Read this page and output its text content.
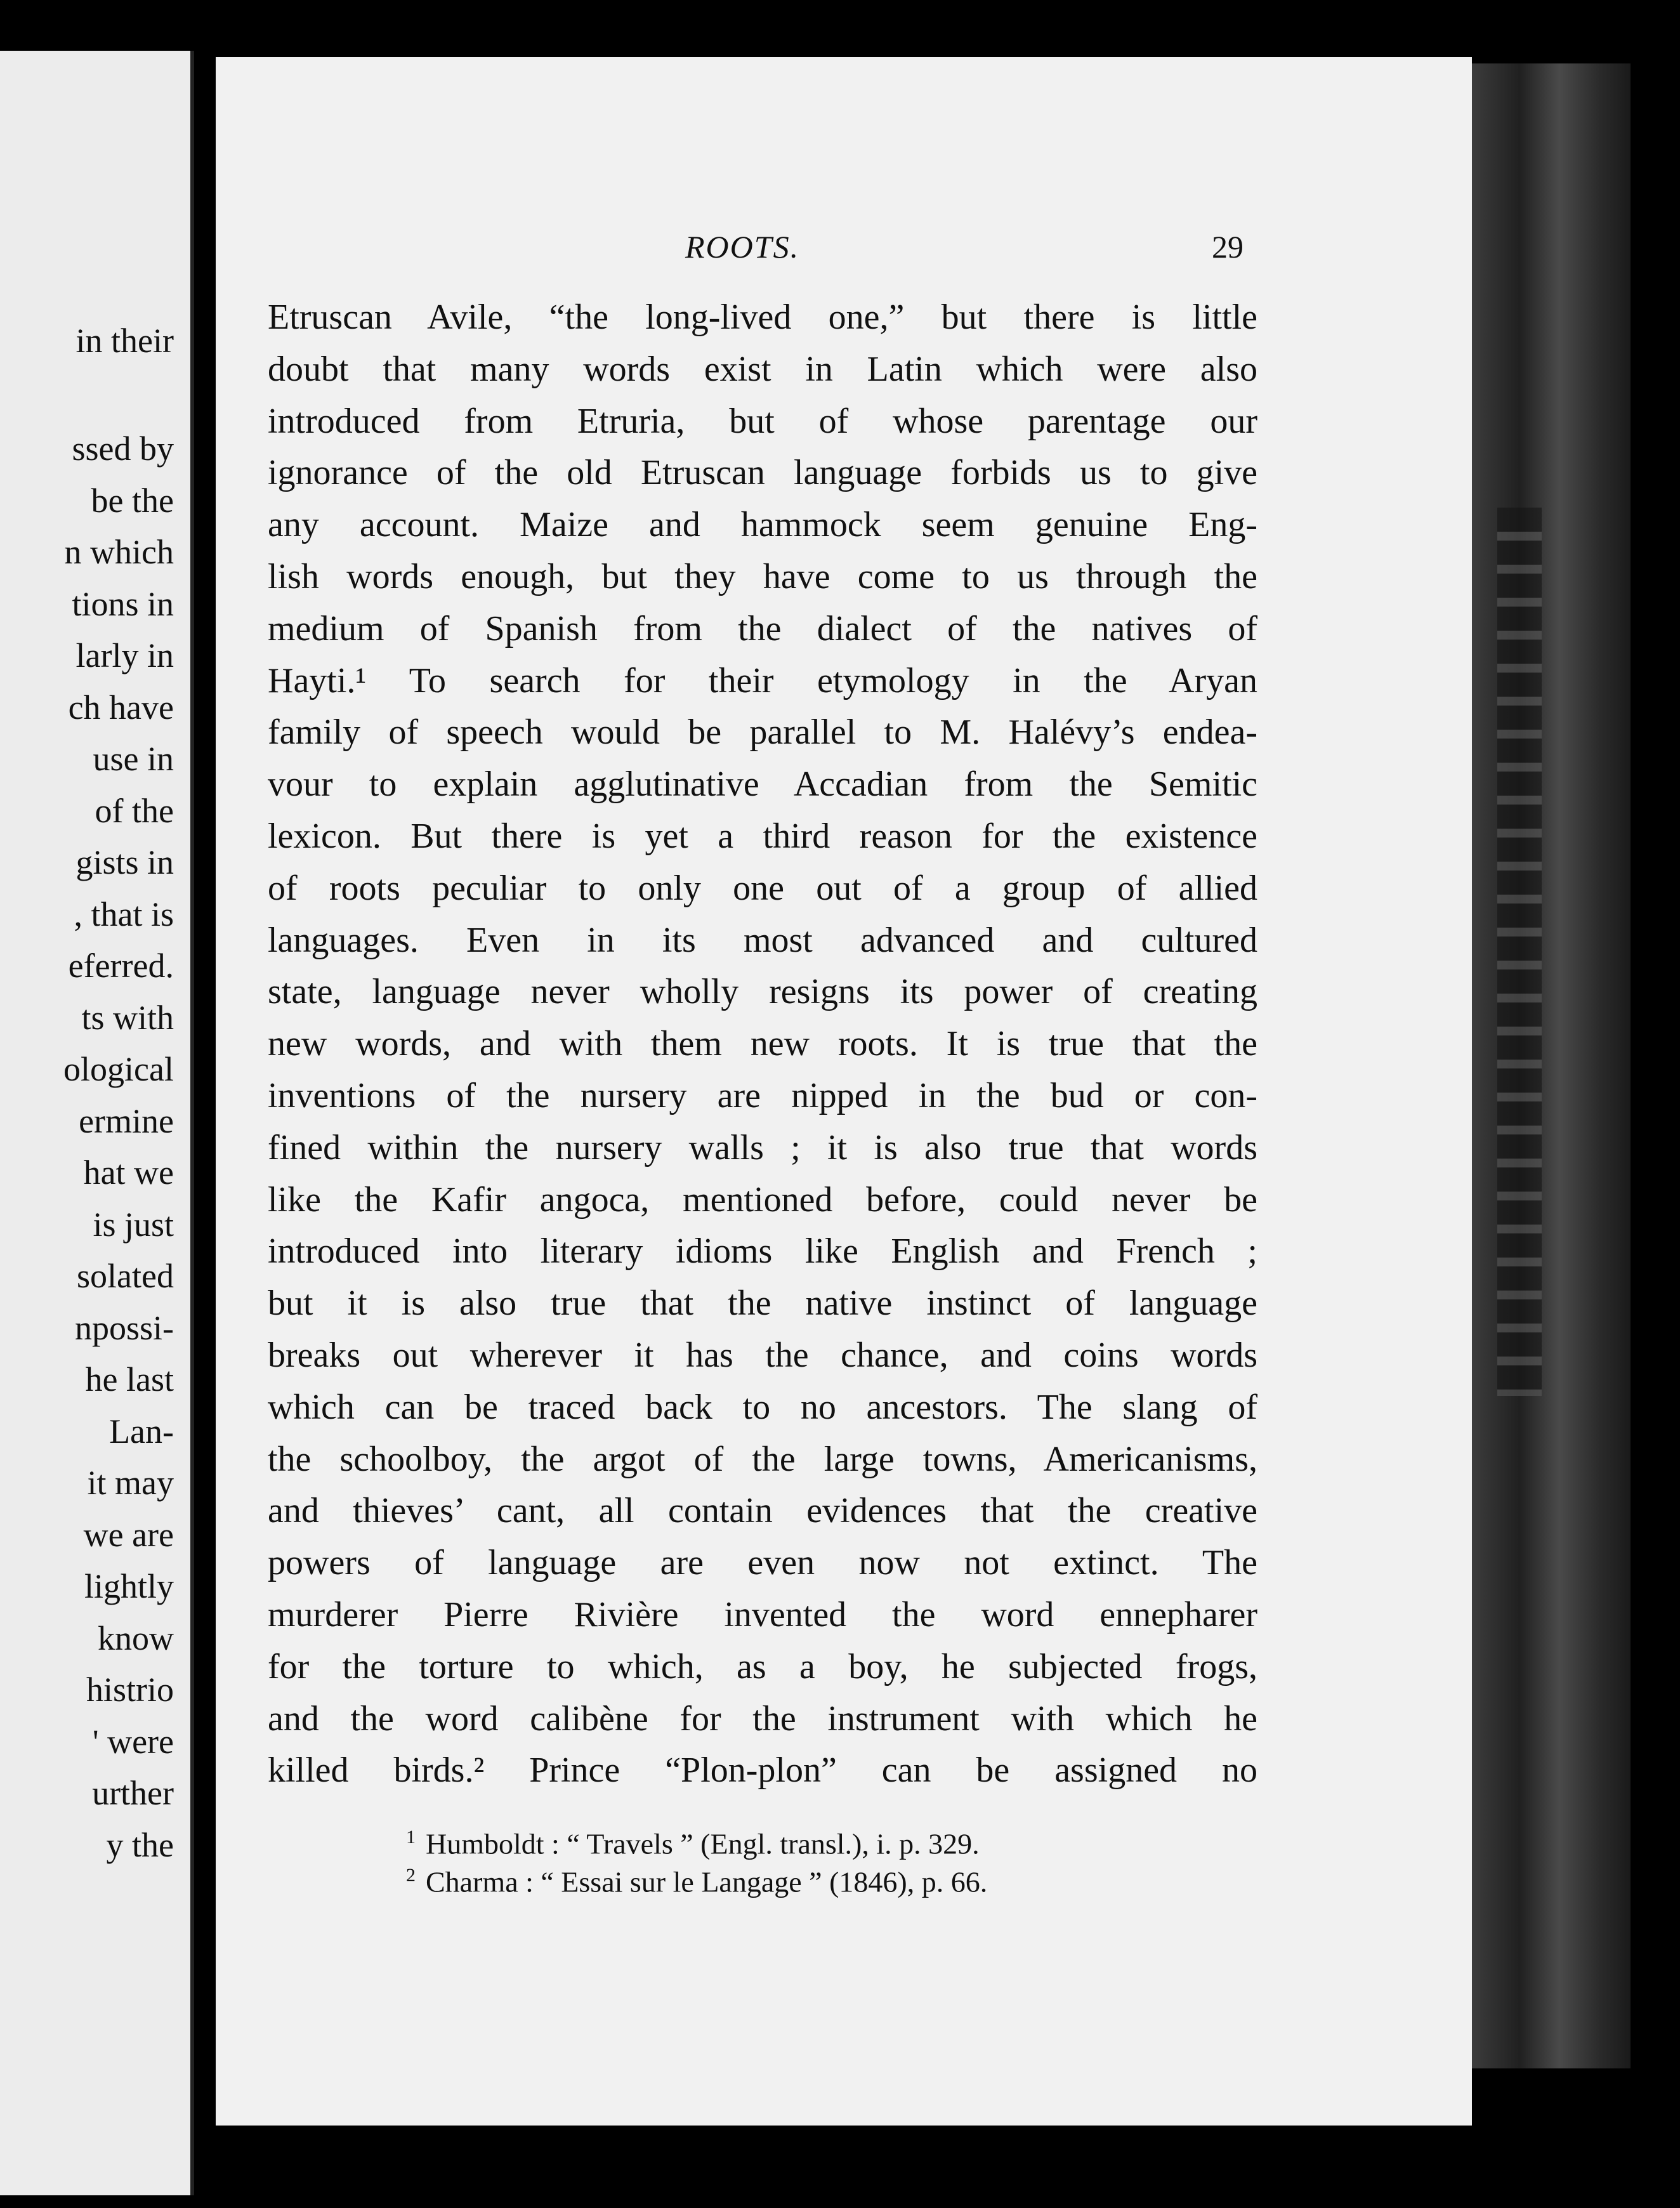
in their
ssed by
be the
n which
tions in
larly in
ch have
use in
of the
gists in
, that is
eferred.
ts with
ological
ermine
hat we
is just
solated
npossi-
he last
Lan-
it may
we are
lightly
know
histrio
' were
urther
y the
ROOTS.	29
Etruscan Avile, “the long-lived one,” but there is little
doubt that many words exist in Latin which were also
introduced from Etruria, but of whose parentage our
ignorance of the old Etruscan language forbids us to give
any account. Maize and hammock seem genuine Eng-
lish words enough, but they have come to us through the
medium of Spanish from the dialect of the natives of
Hayti.¹ To search for their etymology in the Aryan
family of speech would be parallel to M. Halévy’s endea-
vour to explain agglutinative Accadian from the Semitic
lexicon. But there is yet a third reason for the existence
of roots peculiar to only one out of a group of allied
languages. Even in its most advanced and cultured
state, language never wholly resigns its power of creating
new words, and with them new roots. It is true that the
inventions of the nursery are nipped in the bud or con-
fined within the nursery walls ; it is also true that words
like the Kafir angoca, mentioned before, could never be
introduced into literary idioms like English and French ;
but it is also true that the native instinct of language
breaks out wherever it has the chance, and coins words
which can be traced back to no ancestors. The slang of
the schoolboy, the argot of the large towns, Americanisms,
and thieves’ cant, all contain evidences that the creative
powers of language are even now not extinct. The
murderer Pierre Rivière invented the word ennepharer
for the torture to which, as a boy, he subjected frogs,
and the word calibène for the instrument with which he
killed birds.² Prince “Plon-plon” can be assigned no
$^1$ Humboldt : “ Travels ” (Engl. transl.), i. p. 329.
$^2$ Charma : “ Essai sur le Langage ” (1846), p. 66.
